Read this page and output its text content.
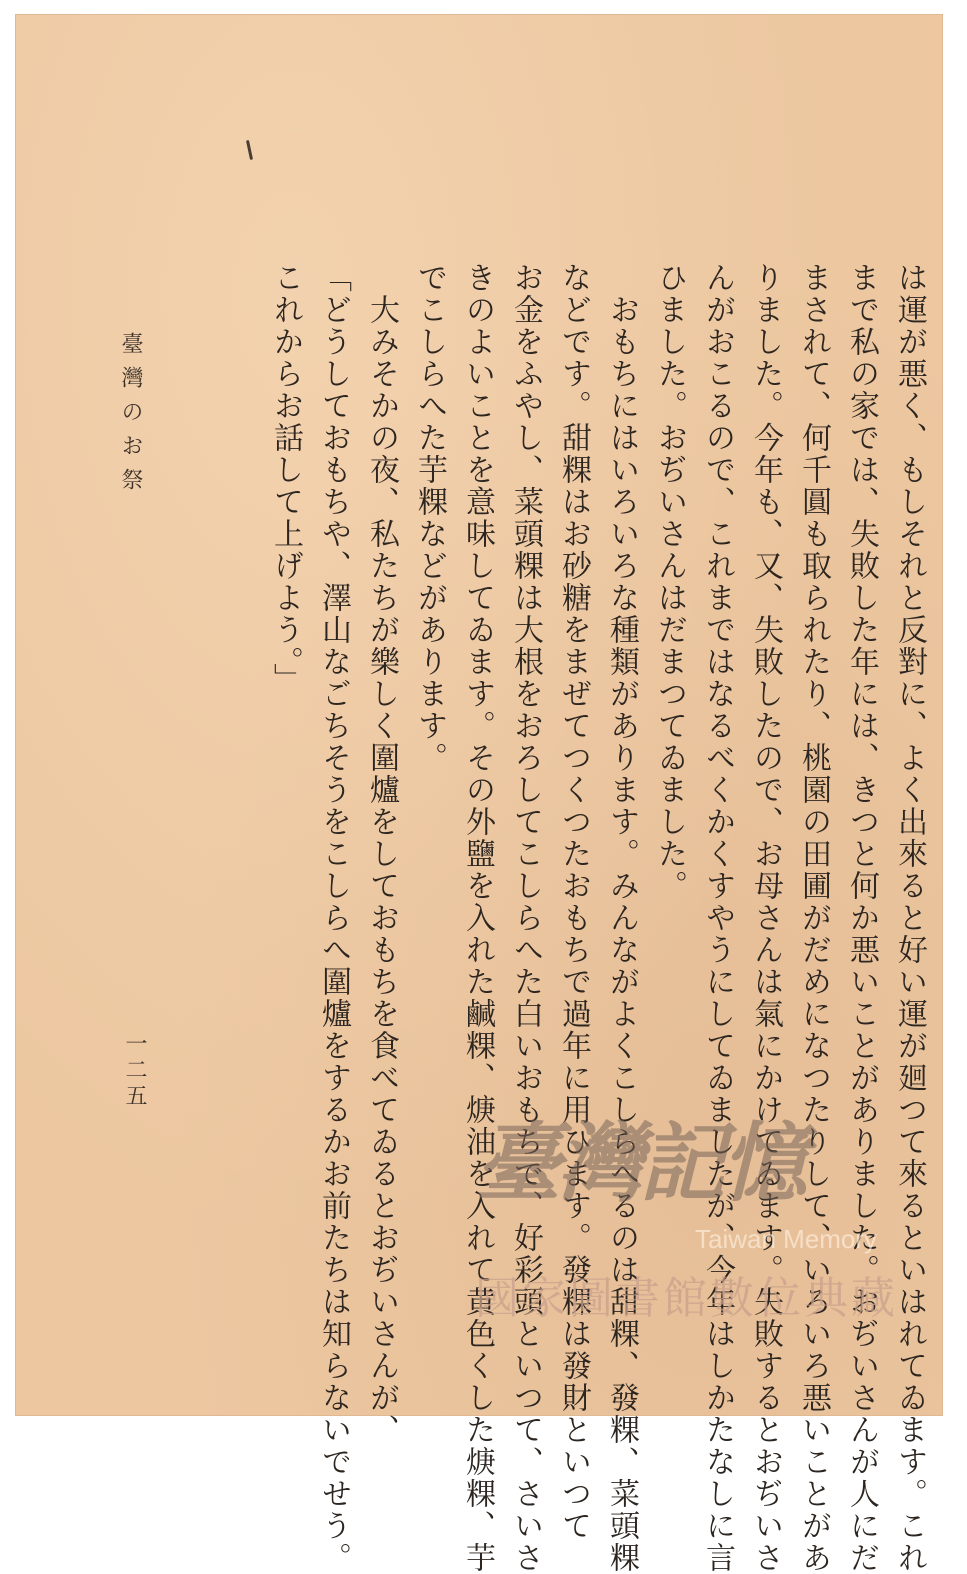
は運が悪く、もしそれと反對に、よく出來ると好い運が廻つて來るといはれてゐます。これ
まで私の家では、失敗した年には、きつと何か悪いことがありました。おぢいさんが人にだ
まされて、何千圓も取られたり、桃園の田圃がだめになつたりして、いろいろ悪いことがあ
りました。今年も、又、失敗したので、お母さんは氣にかけてゐます。失敗するとおぢいさ
んがおこるので、これまではなるべくかくすやうにしてゐましたが、今年はしかたなしに言
ひました。おぢいさんはだまつてゐました。
　おもちにはいろいろな種類があります。みんながよくこしらへるのは甜粿、發粿、菜頭粿
などです。甜粿はお砂糖をまぜてつくつたおもちで過年に用ひます。發粿は發財といつて
お金をふやし、菜頭粿は大根をおろしてこしらへた白いおもちで、好彩頭といつて、さいさ
きのよいことを意味してゐます。その外鹽を入れた鹹粿、焿油を入れて黄色くした焿粿、芋
でこしらへた芋粿などがあります。
　大みそかの夜、私たちが樂しく圍爐をしておもちを食べてゐるとおぢいさんが、
「どうしておもちや、澤山なごちそうをこしらへ圍爐をするかお前たちは知らないでせう。
これからお話して上げよう。」
臺灣のお祭
一二五
臺灣記憶
Taiwan Memory
國家圖書館數位典藏
